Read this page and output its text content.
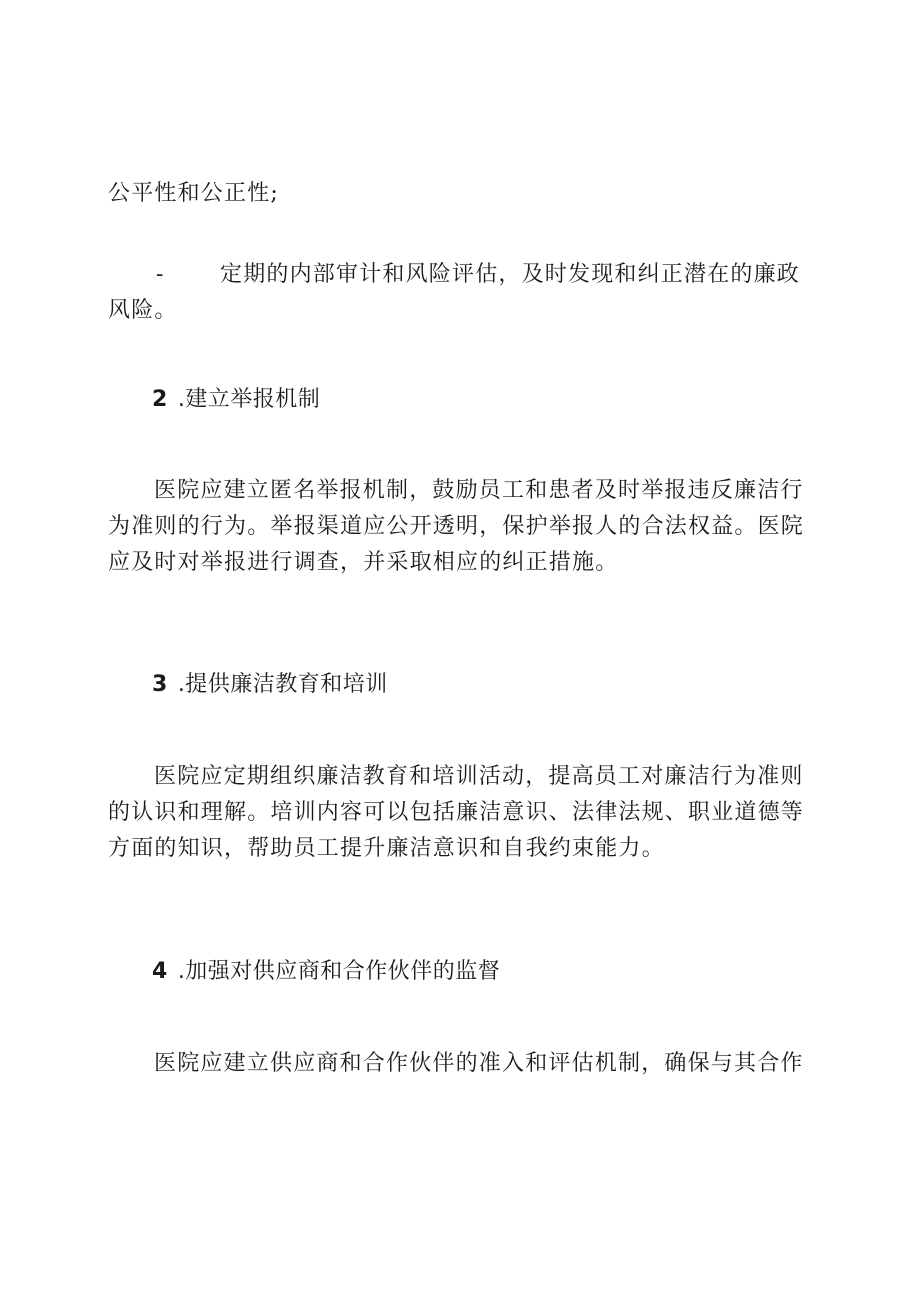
公平性和公正性;
-	定期的内部审计和风险评估，及时发现和纠正潜在的廉政
风险。
2 .建立举报机制
医院应建立匿名举报机制，鼓励员工和患者及时举报违反廉洁行
为准则的行为。举报渠道应公开透明，保护举报人的合法权益。医院
应及时对举报进行调查，并采取相应的纠正措施。
3 .提供廉洁教育和培训
医院应定期组织廉洁教育和培训活动，提高员工对廉洁行为准则
的认识和理解。培训内容可以包括廉洁意识、法律法规、职业道德等
方面的知识，帮助员工提升廉洁意识和自我约束能力。
4 .加强对供应商和合作伙伴的监督
医院应建立供应商和合作伙伴的准入和评估机制，确保与其合作
